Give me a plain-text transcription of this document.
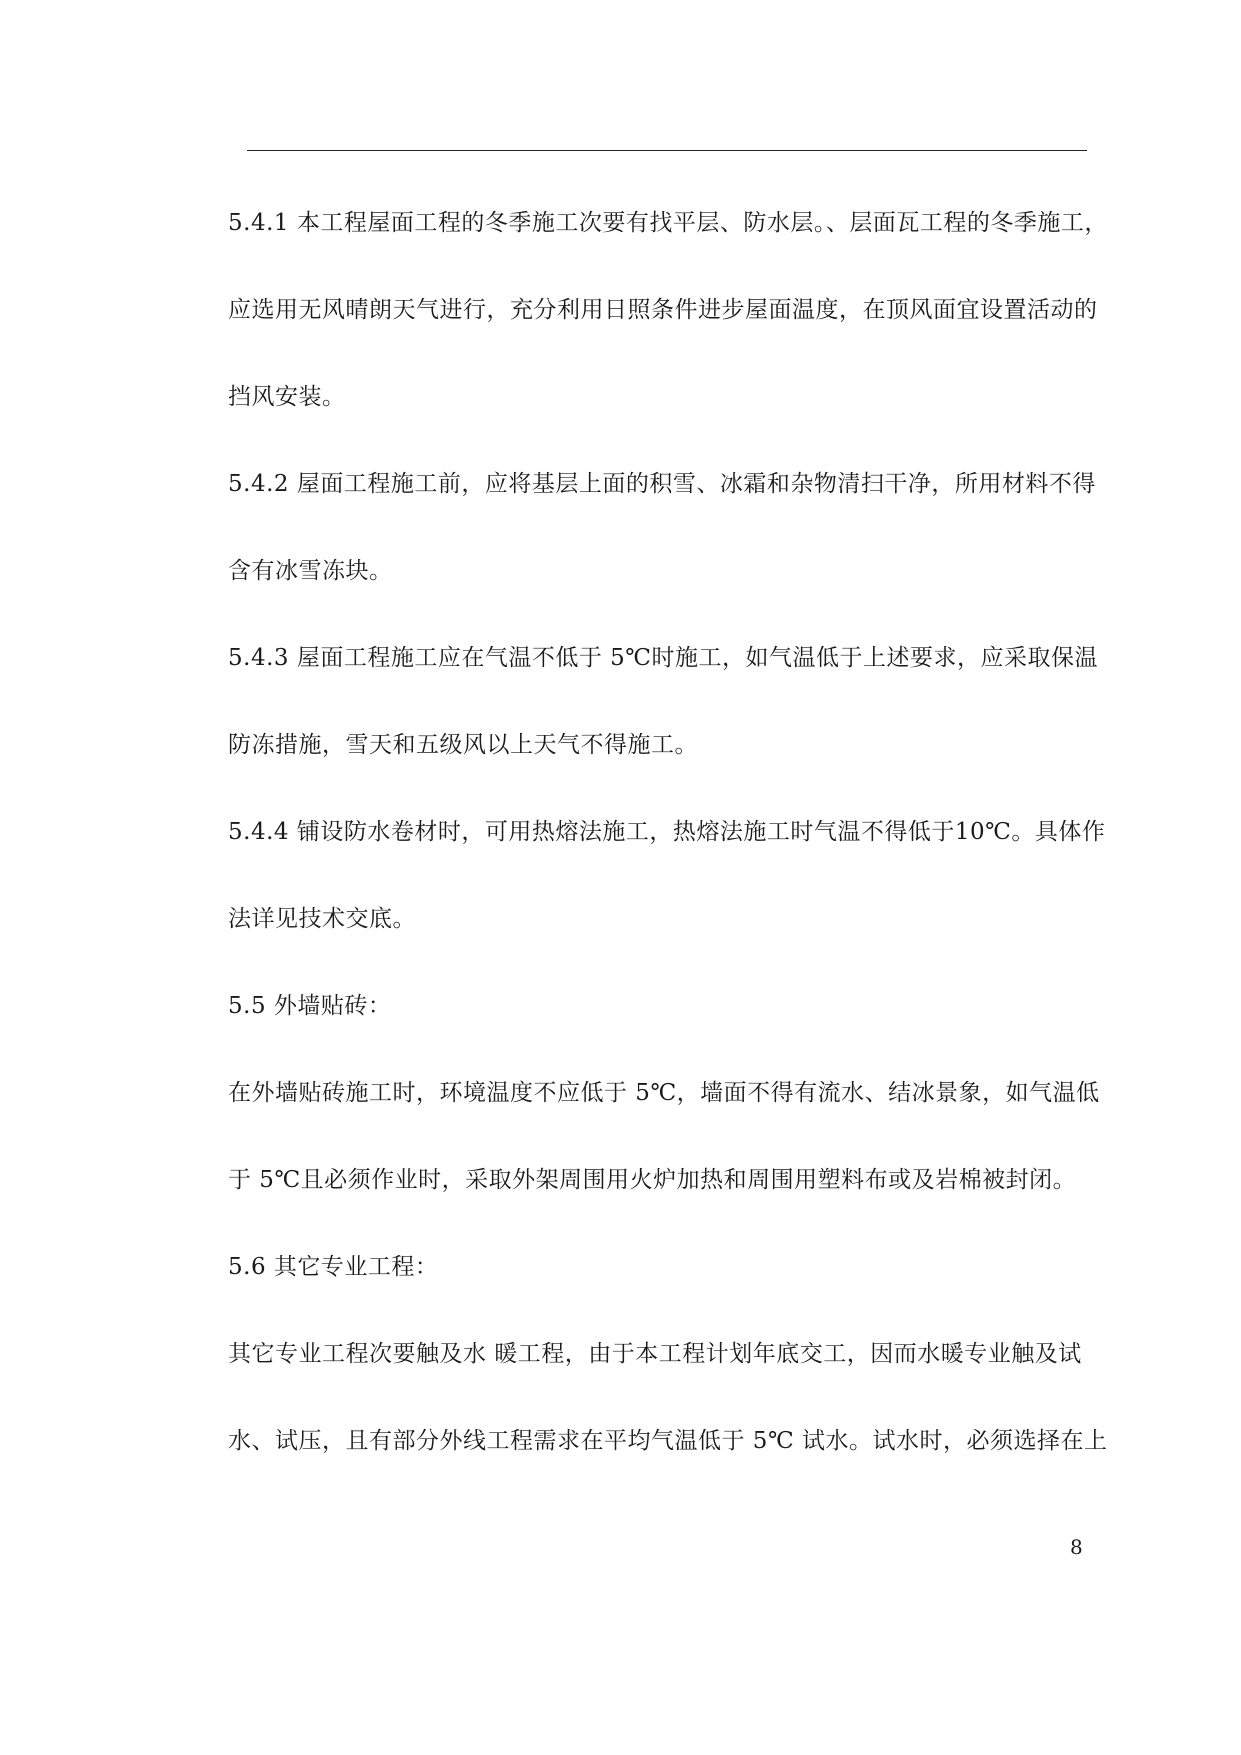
5.4.1 本工程屋面工程的冬季施工次要有找平层、防水层。、层面瓦工程的冬季施工，
应选用无风晴朗天气进行，充分利用日照条件进步屋面温度，在顶风面宜设置活动的
挡风安装。
5.4.2 屋面工程施工前，应将基层上面的积雪、冰霜和杂物清扫干净，所用材料不得
含有冰雪冻块。
5.4.3 屋面工程施工应在气温不低于 5℃时施工，如气温低于上述要求，应采取保温
防冻措施，雪天和五级风以上天气不得施工。
5.4.4 铺设防水卷材时，可用热熔法施工，热熔法施工时气温不得低于10℃。具体作
法详见技术交底。
5.5 外墙贴砖：
在外墙贴砖施工时，环境温度不应低于 5℃，墙面不得有流水、结冰景象，如气温低
于 5℃且必须作业时，采取外架周围用火炉加热和周围用塑料布或及岩棉被封闭。
5.6 其它专业工程：
其它专业工程次要触及水 暖工程，由于本工程计划年底交工，因而水暖专业触及试
水、试压，且有部分外线工程需求在平均气温低于 5℃ 试水。试水时，必须选择在上
8
